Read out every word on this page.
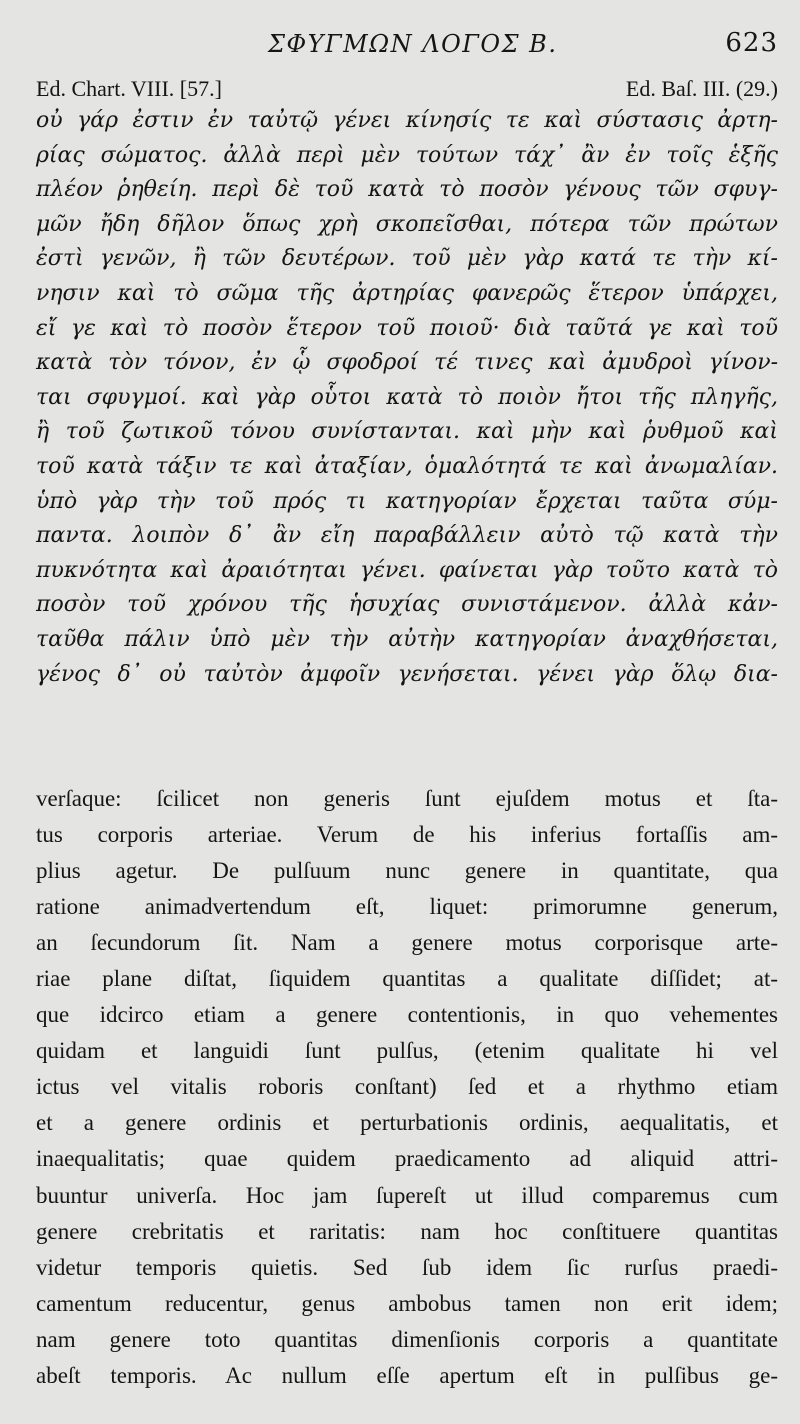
ΣΦΥΓΜΩΝ ΛΟΓΟΣ Β.	623
Ed. Chart. VIII. [57.]	Ed. Baſ. III. (29.)
οὐ γάρ ἐστιν ἐν ταὐτῷ γένει κίνησίς τε καὶ σύστασις ἀρτη-
ρίας σώματος. ἀλλὰ περὶ μὲν τούτων τάχ᾽ ἂν ἐν τοῖς ἑξῆς
πλέον ῥηθείη. περὶ δὲ τοῦ κατὰ τὸ ποσὸν γένους τῶν σφυγ-
μῶν ἤδη δῆλον ὅπως χρὴ σκοπεῖσθαι, πότερα τῶν πρώτων
ἐστὶ γενῶν, ἢ τῶν δευτέρων. τοῦ μὲν γὰρ κατά τε τὴν κί-
νησιν καὶ τὸ σῶμα τῆς ἀρτηρίας φανερῶς ἕτερον ὑπάρχει,
εἴ γε καὶ τὸ ποσὸν ἕτερον τοῦ ποιοῦ· διὰ ταῦτά γε καὶ τοῦ
κατὰ τὸν τόνον, ἐν ᾧ σφοδροί τέ τινες καὶ ἀμυδροὶ γίνον-
ται σφυγμοί. καὶ γὰρ οὗτοι κατὰ τὸ ποιὸν ἤτοι τῆς πληγῆς,
ἢ τοῦ ζωτικοῦ τόνου συνίστανται. καὶ μὴν καὶ ῥυθμοῦ καὶ
τοῦ κατὰ τάξιν τε καὶ ἀταξίαν, ὁμαλότητά τε καὶ ἀνωμαλίαν.
ὑπὸ γὰρ τὴν τοῦ πρός τι κατηγορίαν ἔρχεται ταῦτα σύμ-
παντα. λοιπὸν δ᾽ ἂν εἴη παραβάλλειν αὐτὸ τῷ κατὰ τὴν
πυκνότητα καὶ ἀραιότηται γένει. φαίνεται γὰρ τοῦτο κατὰ τὸ
ποσὸν τοῦ χρόνου τῆς ἡσυχίας συνιστάμενον. ἀλλὰ κἀν-
ταῦθα πάλιν ὑπὸ μὲν τὴν αὐτὴν κατηγορίαν ἀναχθήσεται,
γένος δ᾽ οὐ ταὐτὸν ἀμφοῖν γενήσεται. γένει γὰρ ὅλῳ δια-
verſaque: ſcilicet non generis ſunt ejuſdem motus et ſta-
tus corporis arteriae. Verum de his inferius fortaſſis am-
plius agetur. De pulſuum nunc genere in quantitate, qua
ratione animadvertendum eſt, liquet: primorumne generum,
an ſecundorum ſit. Nam a genere motus corporisque arte-
riae plane diſtat, ſiquidem quantitas a qualitate diſſidet; at-
que idcirco etiam a genere contentionis, in quo vehementes
quidam et languidi ſunt pulſus, (etenim qualitate hi vel
ictus vel vitalis roboris conſtant) ſed et a rhythmo etiam
et a genere ordinis et perturbationis ordinis, aequalitatis, et
inaequalitatis; quae quidem praedicamento ad aliquid attri-
buuntur univerſa. Hoc jam ſupereſt ut illud comparemus cum
genere crebritatis et raritatis: nam hoc conſtituere quantitas
videtur temporis quietis. Sed ſub idem ſic rurſus praedi-
camentum reducentur, genus ambobus tamen non erit idem;
nam genere toto quantitas dimenſionis corporis a quantitate
abeſt temporis. Ac nullum eſſe apertum eſt in pulſibus ge-
